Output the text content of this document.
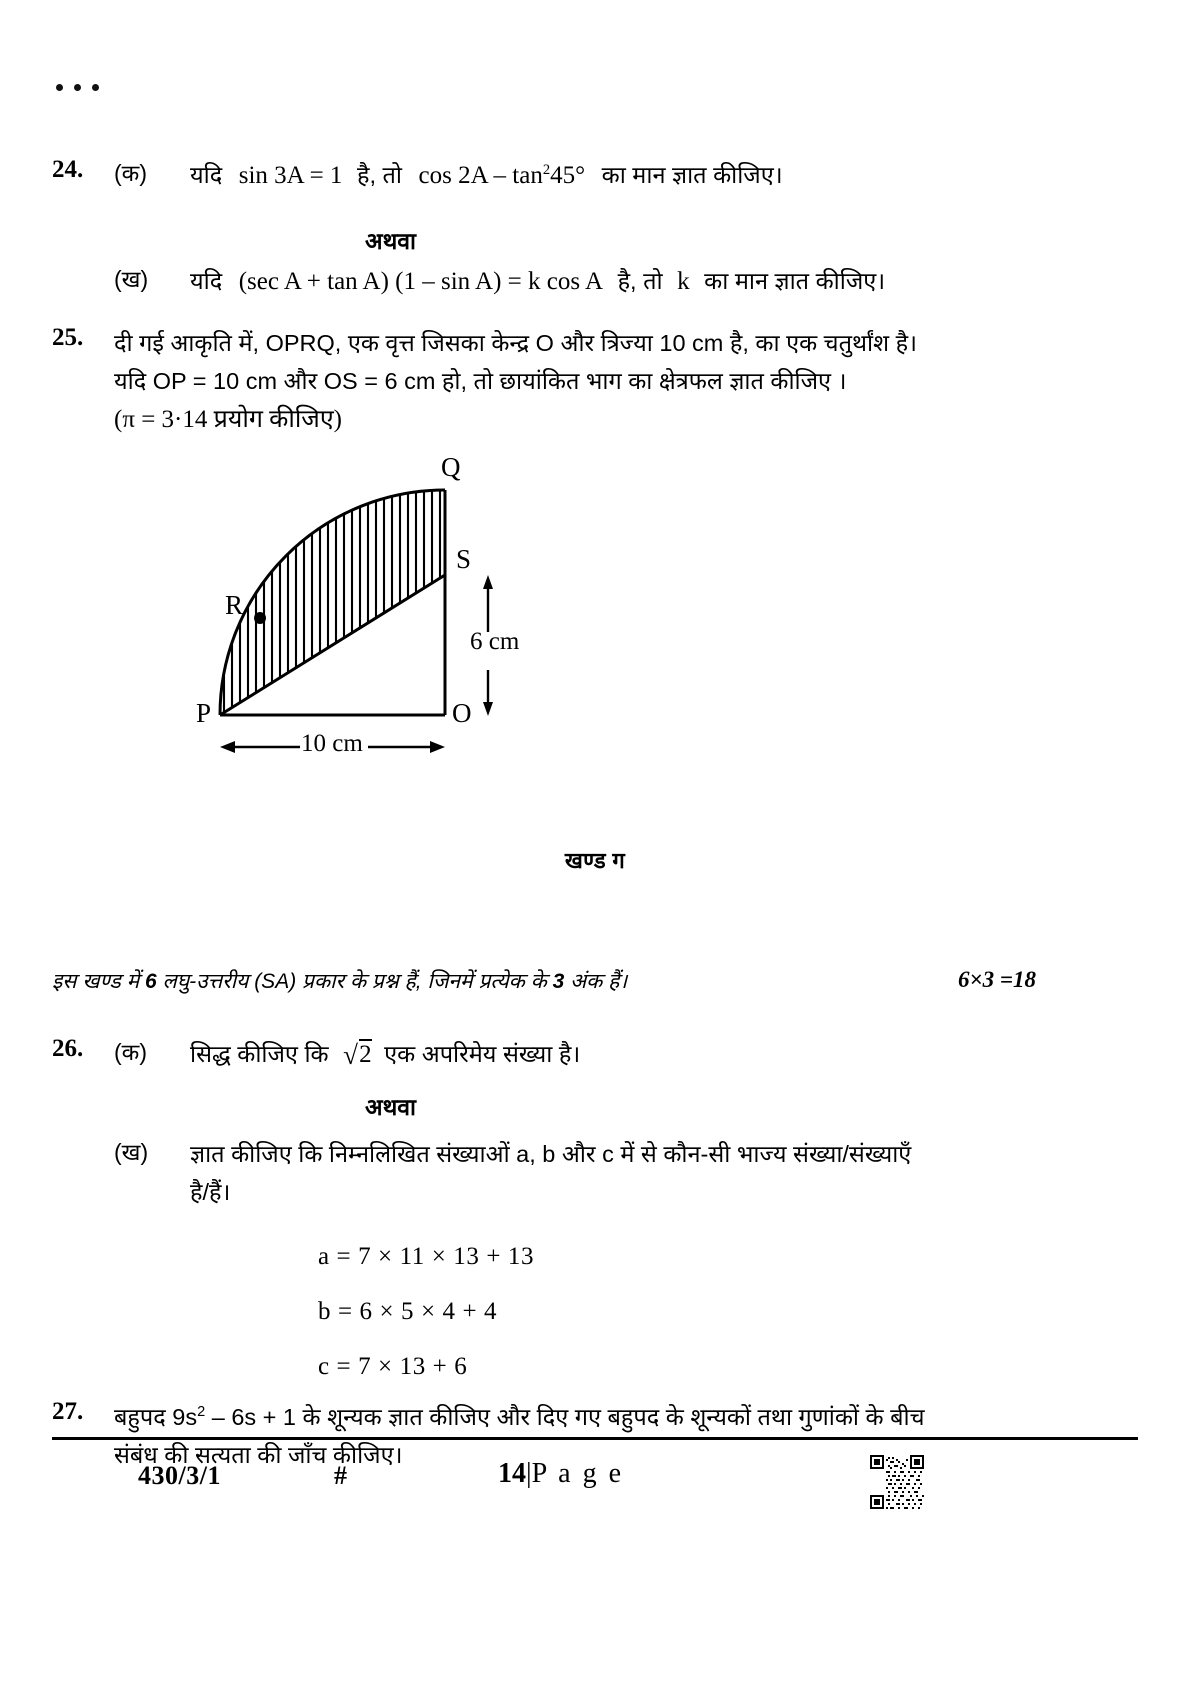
24.	(क)	यदि sin 3A = 1 है, तो $\cos 2A - \tan^245^\circ$ का मान ज्ञात कीजिए।
अथवा
(ख)	यदि (sec A + tan A) (1 – sin A) = k cos A है, तो k का मान ज्ञात कीजिए।
25.	दी गई आकृति में, OPRQ, एक वृत्त जिसका केन्द्र O और त्रिज्या 10 cm है, का एक चतुर्थांश है।
यदि OP = 10 cm और OS = 6 cm हो, तो छायांकित भाग का क्षेत्रफल ज्ञात कीजिए ।
(π = 3·14 प्रयोग कीजिए)
Q
S
R
P	O
6 cm
10 cm
खण्ड ग
इस खण्ड में 6 लघु-उत्तरीय (SA) प्रकार के प्रश्न हैं, जिनमें प्रत्येक के 3 अंक हैं।	6×3 =18
26.	(क)	सिद्ध कीजिए कि √ 2 एक अपरिमेय संख्या है।
अथवा
(ख)	ज्ञात कीजिए कि निम्नलिखित संख्याओं a, b और c में से कौन-सी भाज्य संख्या/संख्याएँ
है/हैं।
a = 7 × 11 × 13 + 13
b = 6 × 5 × 4 + 4
c = 7 × 13 + 6
27.	बहुपद $9s^2 - 6s + 1$ के शून्यक ज्ञात कीजिए और दिए गए बहुपद के शून्यकों तथा गुणांकों के बीच
संबंध की सत्यता की जाँच कीजिए।
430/3/1	#	14|P a g e
